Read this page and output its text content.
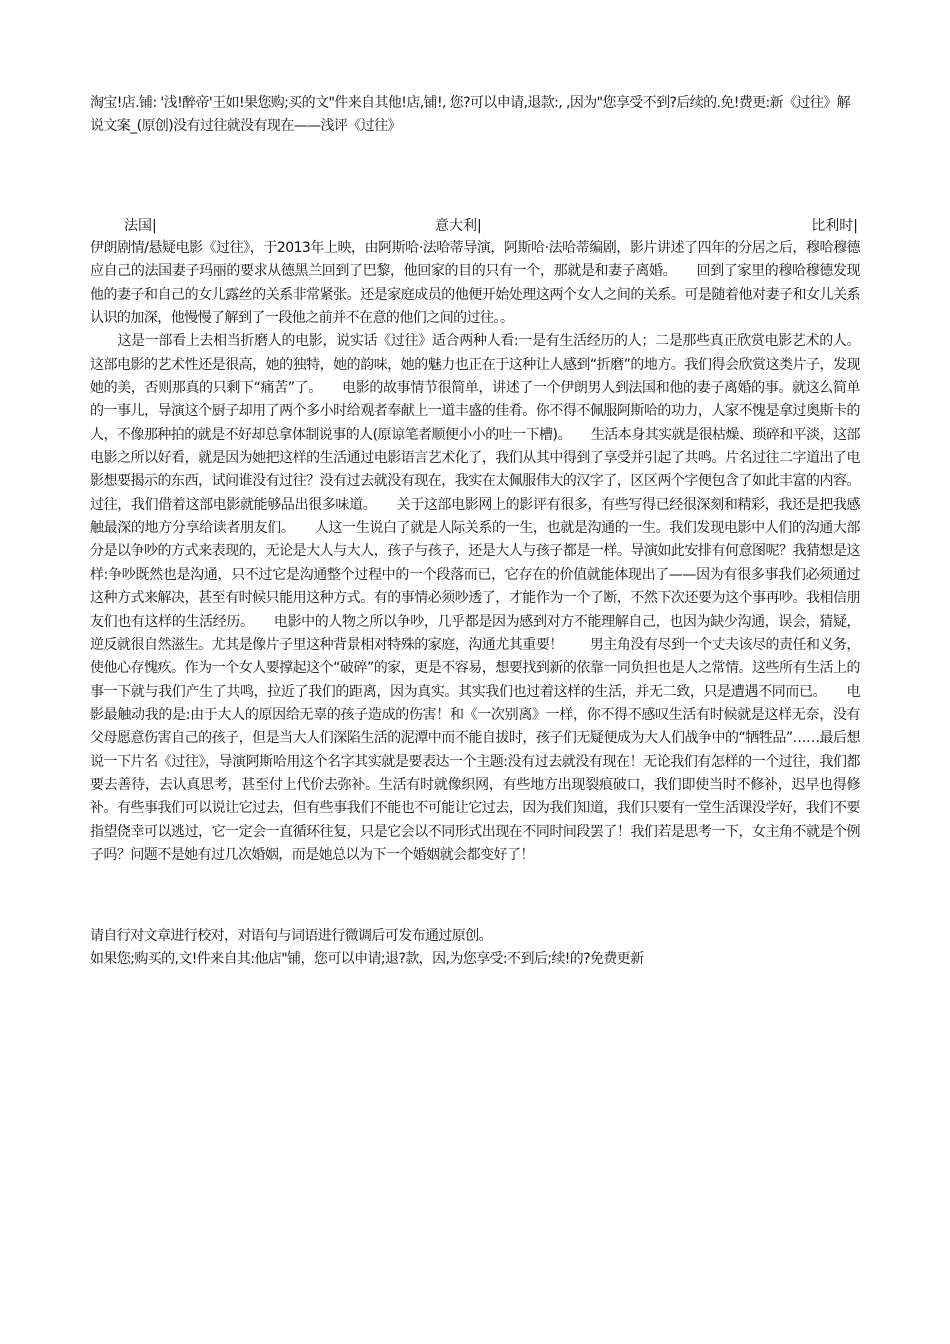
淘宝!店.铺: '浅!醉帝'王如!果您购;买的文"件来自其他!店,铺!, 您?可以申请,退款:, ,因为"您享受不到?后续的.免!费更:新《过往》解说文案_(原创)没有过往就没有现在——浅评《过往》

法国|	意大利|	比利时|
伊朗剧情/悬疑电影《过往》，于2013年上映，由阿斯哈·法哈蒂导演，阿斯哈·法哈蒂编剧，影片讲述了四年的分居之后，穆哈穆德应自己的法国妻子玛丽的要求从德黑兰回到了巴黎，他回家的目的只有一个，那就是和妻子离婚。　　回到了家里的穆哈穆德发现他的妻子和自己的女儿露丝的关系非常紧张。还是家庭成员的他便开始处理这两个女人之间的关系。可是随着他对妻子和女儿关系认识的加深，他慢慢了解到了一段他之前并不在意的他们之间的过往。。
　　这是一部看上去相当折磨人的电影，说实话《过往》适合两种人看:一是有生活经历的人；二是那些真正欣赏电影艺术的人。这部电影的艺术性还是很高，她的独特，她的韵味，她的魅力也正在于这种让人感到“折磨”的地方。我们得会欣赏这类片子，发现她的美，否则那真的只剩下“痛苦”了。　　电影的故事情节很简单，讲述了一个伊朗男人到法国和他的妻子离婚的事。就这么简单的一事儿，导演这个厨子却用了两个多小时给观者奉献上一道丰盛的佳肴。你不得不佩服阿斯哈的功力，人家不愧是拿过奥斯卡的人，不像那种拍的就是不好却总拿体制说事的人(原谅笔者顺便小小的吐一下槽)。　　生活本身其实就是很枯燥、琐碎和平淡，这部电影之所以好看，就是因为她把这样的生活通过电影语言艺术化了，我们从其中得到了享受并引起了共鸣。片名过往二字道出了电影想要揭示的东西，试问谁没有过往？没有过去就没有现在，我实在太佩服伟大的汉字了，区区两个字便包含了如此丰富的内容。过往，我们借着这部电影就能够品出很多味道。　　关于这部电影网上的影评有很多，有些写得已经很深刻和精彩，我还是把我感触最深的地方分享给读者朋友们。　　人这一生说白了就是人际关系的一生，也就是沟通的一生。我们发现电影中人们的沟通大部分是以争吵的方式来表现的，无论是大人与大人，孩子与孩子，还是大人与孩子都是一样。导演如此安排有何意图呢？我猜想是这样:争吵既然也是沟通，只不过它是沟通整个过程中的一个段落而已，它存在的价值就能体现出了——因为有很多事我们必须通过这种方式来解决，甚至有时候只能用这种方式。有的事情必须吵透了，才能作为一个了断，不然下次还要为这个事再吵。我相信朋友们也有这样的生活经历。　　电影中的人物之所以争吵，几乎都是因为感到对方不能理解自己，也因为缺少沟通，误会，猜疑，逆反就很自然滋生。尤其是像片子里这种背景相对特殊的家庭，沟通尤其重要！　　男主角没有尽到一个丈夫该尽的责任和义务，使他心存愧疚。作为一个女人要撑起这个“破碎”的家，更是不容易，想要找到新的依靠一同负担也是人之常情。这些所有生活上的事一下就与我们产生了共鸣，拉近了我们的距离，因为真实。其实我们也过着这样的生活，并无二致，只是遭遇不同而已。　　电影最触动我的是:由于大人的原因给无辜的孩子造成的伤害！和《一次别离》一样，你不得不感叹生活有时候就是这样无奈，没有父母愿意伤害自己的孩子，但是当大人们深陷生活的泥潭中而不能自拔时，孩子们无疑便成为大人们战争中的“牺牲品”……最后想说一下片名《过往》，导演阿斯哈用这个名字其实就是要表达一个主题:没有过去就没有现在！无论我们有怎样的一个过往，我们都要去善待，去认真思考，甚至付上代价去弥补。生活有时就像织网，有些地方出现裂痕破口，我们即使当时不修补，迟早也得修补。有些事我们可以说让它过去，但有些事我们不能也不可能让它过去，因为我们知道，我们只要有一堂生活课没学好，我们不要指望侥幸可以逃过，它一定会一直循环往复，只是它会以不同形式出现在不同时间段罢了！我们若是思考一下，女主角不就是个例子吗？问题不是她有过几次婚姻，而是她总以为下一个婚姻就会都变好了！
请自行对文章进行校对，对语句与词语进行微调后可发布通过原创。
如果您;购买的,文!件来自其:他店"铺，您可以申请;退?款，因,为您享受:不到后;续!的?免费更新
